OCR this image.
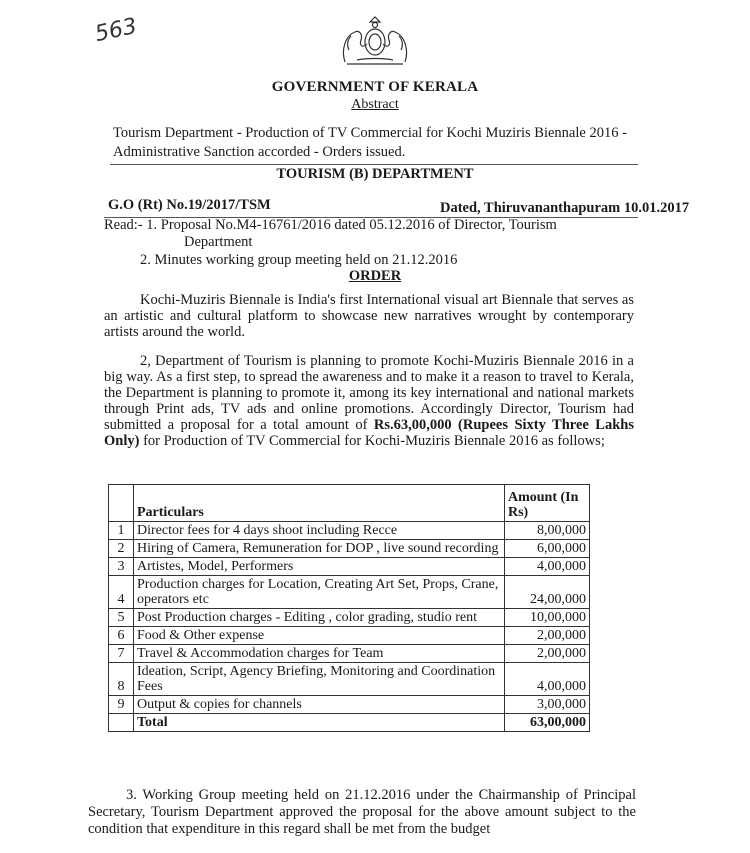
563
GOVERNMENT OF KERALA
Abstract
Tourism Department - Production of TV Commercial for Kochi Muziris Biennale 2016 -Administrative Sanction accorded - Orders issued.
TOURISM (B) DEPARTMENT
G.O (Rt) No.19/2017/TSM	Dated, Thiruvananthapuram 10.01.2017
Read:- 1. Proposal No.M4-16761/2016 dated 05.12.2016 of Director, Tourism
Department
2. Minutes working group meeting held on 21.12.2016
ORDER
Kochi-Muziris Biennale is India's first International visual art Biennale that serves as an artistic and cultural platform to showcase new narratives wrought by contemporary artists around the world.
2, Department of Tourism is planning to promote Kochi-Muziris Biennale 2016 in a big way. As a first step, to spread the awareness and to make it a reason to travel to Kerala, the Department is planning to promote it, among its key international and national markets through Print ads, TV ads and online promotions. Accordingly Director, Tourism had submitted a proposal for a total amount of Rs.63,00,000 (Rupees Sixty Three Lakhs Only) for Production of TV Commercial for Kochi-Muziris Biennale 2016 as follows;
	Particulars	Amount (In Rs)
1	Director fees for 4 days shoot including Recce	8,00,000
2	Hiring of Camera, Remuneration for DOP , live sound recording	6,00,000
3	Artistes, Model, Performers	4,00,000
4	Production charges for Location, Creating Art Set, Props, Crane, operators etc	24,00,000
5	Post Production charges - Editing , color grading, studio rent	10,00,000
6	Food & Other expense	2,00,000
7	Travel & Accommodation charges for Team	2,00,000
8	Ideation, Script, Agency Briefing, Monitoring and Coordination Fees	4,00,000
9	Output & copies for channels	3,00,000
	Total	63,00,000
3. Working Group meeting held on 21.12.2016 under the Chairmanship of Principal Secretary, Tourism Department approved the proposal for the above amount subject to the condition that expenditure in this regard shall be met from the budget
